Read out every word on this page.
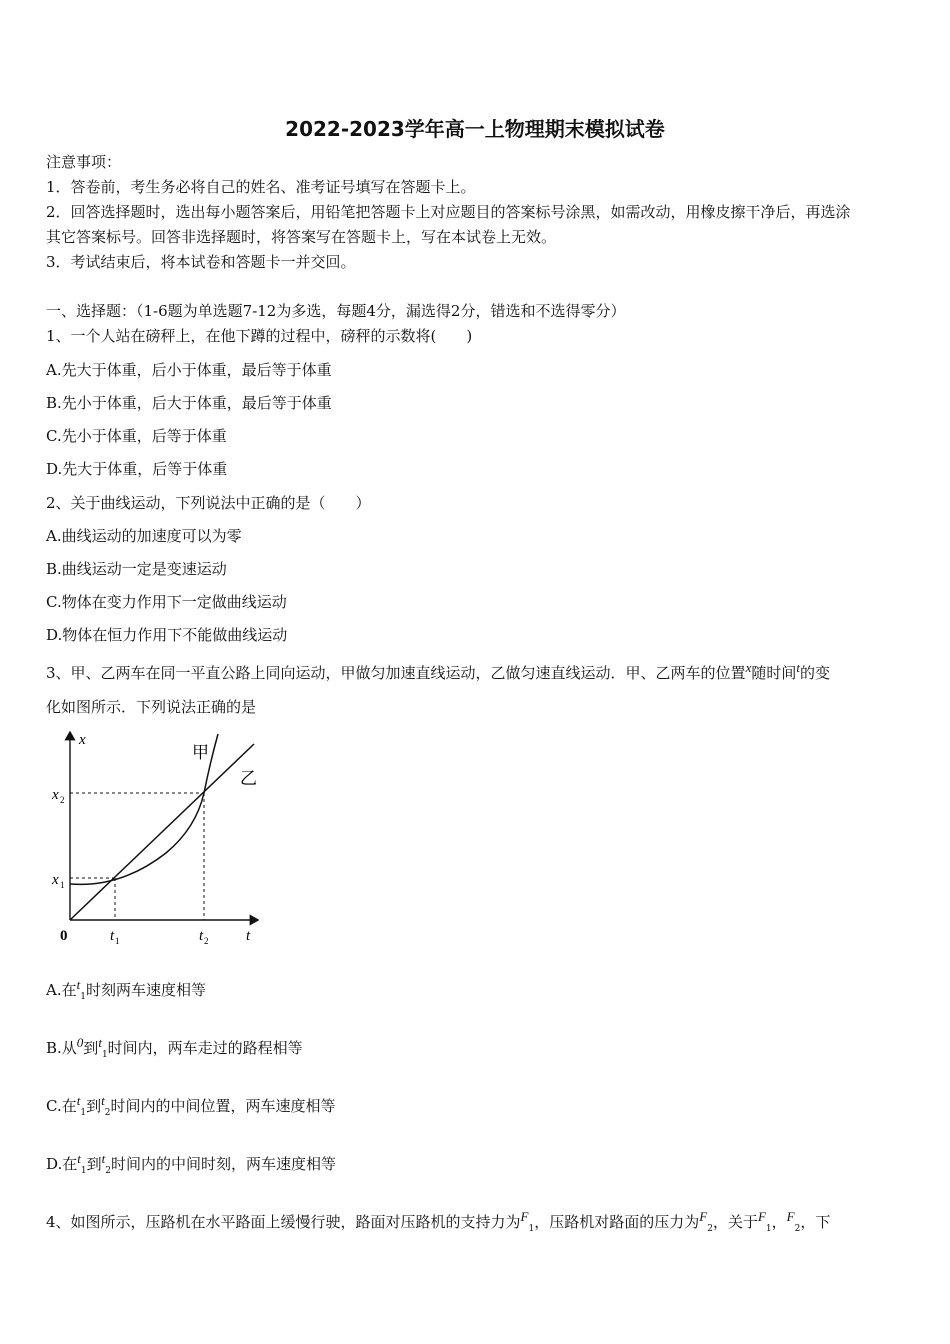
2022-2023学年高一上物理期末模拟试卷
注意事项：
1．答卷前，考生务必将自己的姓名、准考证号填写在答题卡上。
2．回答选择题时，选出每小题答案后，用铅笔把答题卡上对应题目的答案标号涂黑，如需改动，用橡皮擦干净后，再选涂
其它答案标号。回答非选择题时，将答案写在答题卡上，写在本试卷上无效。
3．考试结束后，将本试卷和答题卡一并交回。
一、选择题：（1-6题为单选题7-12为多选，每题4分，漏选得2分，错选和不选得零分）
1、一个人站在磅秤上，在他下蹲的过程中，磅秤的示数将(　　)
A.先大于体重，后小于体重，最后等于体重
B.先小于体重，后大于体重，最后等于体重
C.先小于体重，后等于体重
D.先大于体重，后等于体重
2、关于曲线运动，下列说法中正确的是（　　）
A.曲线运动的加速度可以为零
B.曲线运动一定是变速运动
C.物体在变力作用下一定做曲线运动
D.物体在恒力作用下不能做曲线运动
3、甲、乙两车在同一平直公路上同向运动，甲做匀加速直线运动，乙做匀速直线运动．甲、乙两车的位置$^x$随时间$^t$的变
化如图所示．下列说法正确的是
x
t
0
x 1
x 2
t 1	t 2
甲
乙
A.在$^t_1$时刻两车速度相等
B.从$^0$到$^t_1$时间内，两车走过的路程相等
C.在$^t_1$到$^t_2$时间内的中间位置，两车速度相等
D.在$^t_1$到$^t_2$时间内的中间时刻，两车速度相等
4、如图所示，压路机在水平路面上缓慢行驶，路面对压路机的支持力为$^F_1$，压路机对路面的压力为$^F_2$，关于$^F_1$，$^F_2$，下
